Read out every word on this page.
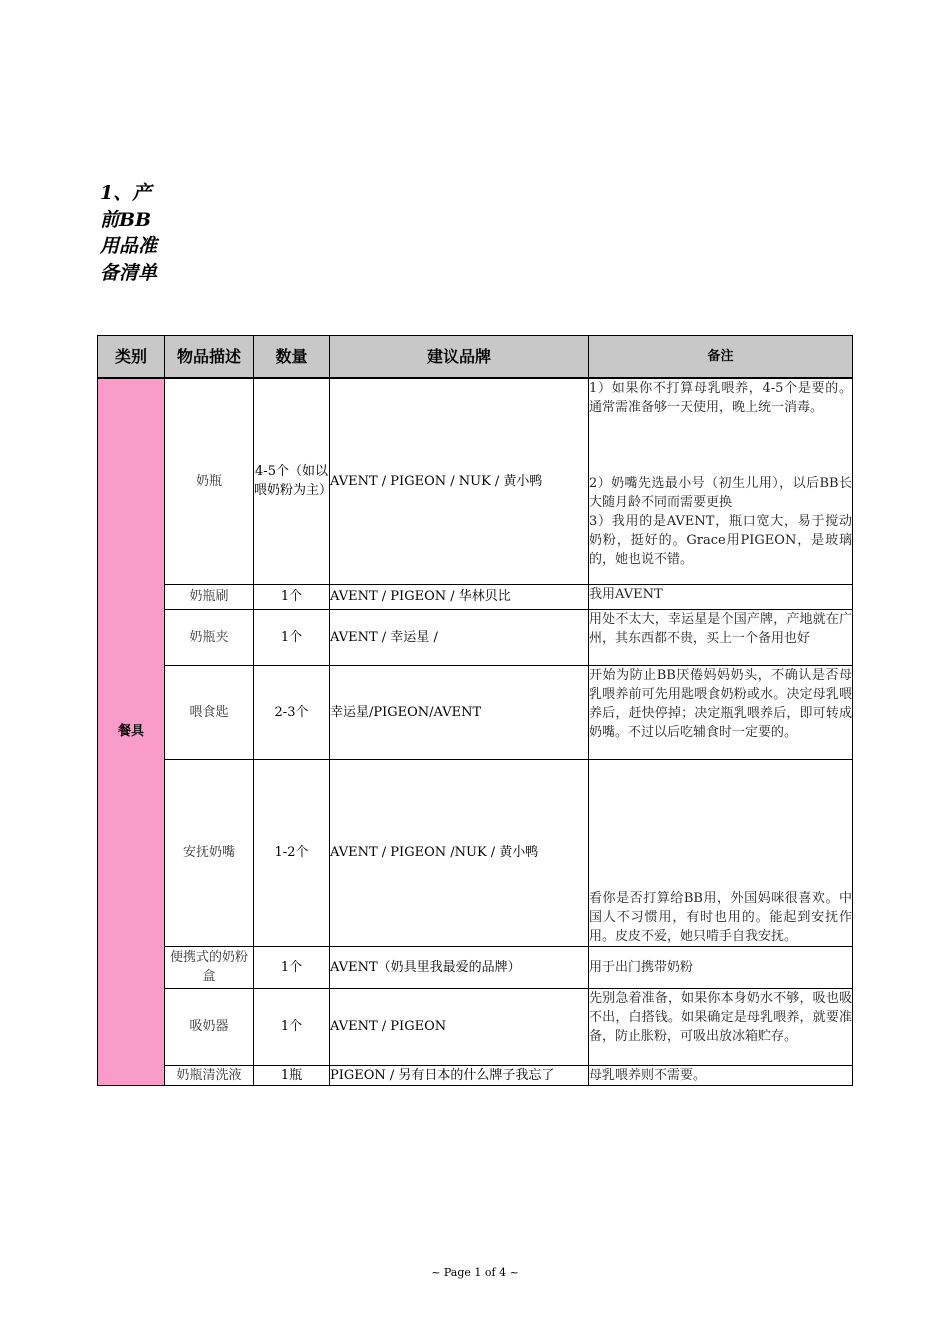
1、产前BB用品准备清单
类别	物品描述	数量	建议品牌	备注
餐具	奶瓶	4-5个（如以喂奶粉为主）	AVENT / PIGEON / NUK / 黄小鸭	1）如果你不打算母乳喂养，4-5个是要的。通常需准备够一天使用，晚上统一消毒。
2）奶嘴先选最小号（初生儿用），以后BB长大随月龄不同而需要更换
3）我用的是AVENT，瓶口宽大，易于搅动奶粉，挺好的。Grace用PIGEON，是玻璃的，她也说不错。
	奶瓶刷	1个	AVENT / PIGEON / 华林贝比	我用AVENT
	奶瓶夹	1个	AVENT / 幸运星 /	用处不太大，幸运星是个国产牌，产地就在广州，其东西都不贵，买上一个备用也好
	喂食匙	2-3个	幸运星/PIGEON/AVENT	开始为防止BB厌倦妈妈奶头，不确认是否母乳喂养前可先用匙喂食奶粉或水。决定母乳喂养后，赶快停掉；决定瓶乳喂养后，即可转成奶嘴。不过以后吃辅食时一定要的。
	安抚奶嘴	1-2个	AVENT / PIGEON /NUK / 黄小鸭	看你是否打算给BB用，外国妈咪很喜欢。中国人不习惯用，有时也用的。能起到安抚作用。皮皮不爱，她只啃手自我安抚。
	便携式的奶粉盒	1个	AVENT（奶具里我最爱的品牌）	用于出门携带奶粉
	吸奶器	1个	AVENT / PIGEON	先别急着准备，如果你本身奶水不够，吸也吸不出，白搭钱。如果确定是母乳喂养，就要准备，防止胀粉，可吸出放冰箱贮存。
	奶瓶清洗液	1瓶	PIGEON / 另有日本的什么牌子我忘了	母乳喂养则不需要。
~ Page 1 of 4 ~
